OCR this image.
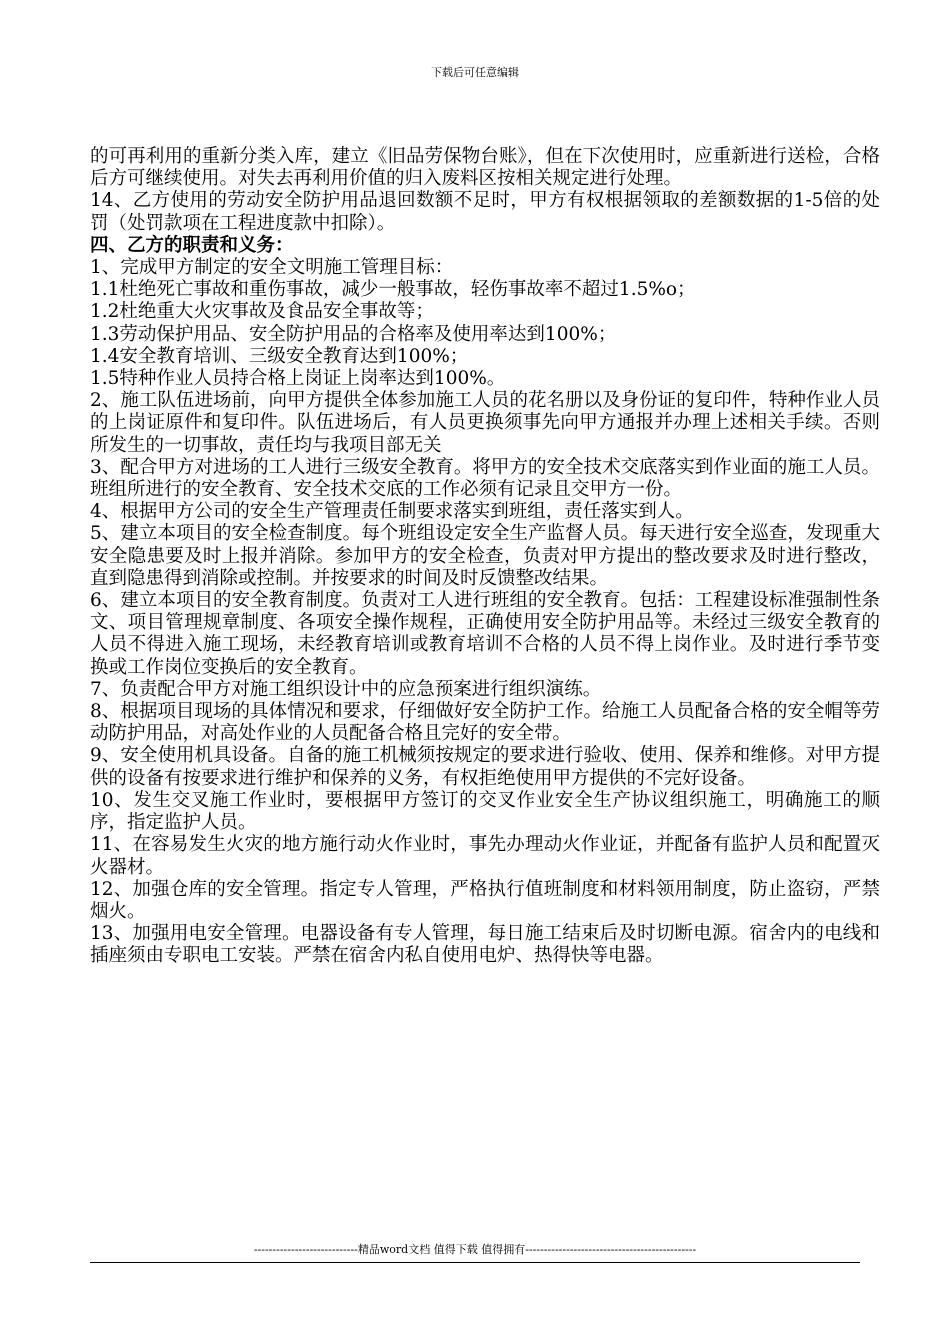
下载后可任意编辑

的可再利用的重新分类入库，建立《旧品劳保物台账》，但在下次使用时，应重新进行送检，合格后方可继续使用。对失去再利用价值的归入废料区按相关规定进行处理。

14、乙方使用的劳动安全防护用品退回数额不足时，甲方有权根据领取的差额数据的1-5倍的处罚（处罚款项在工程进度款中扣除）。

四、乙方的职责和义务：

1、完成甲方制定的安全文明施工管理目标：

1.1杜绝死亡事故和重伤事故，减少一般事故，轻伤事故率不超过1.5%o；

1.2杜绝重大火灾事故及食品安全事故等；

1.3劳动保护用品、安全防护用品的合格率及使用率达到100%；

1.4安全教育培训、三级安全教育达到100%；

1.5特种作业人员持合格上岗证上岗率达到100%。

2、施工队伍进场前，向甲方提供全体参加施工人员的花名册以及身份证的复印件，特种作业人员的上岗证原件和复印件。队伍进场后，有人员更换须事先向甲方通报并办理上述相关手续。否则所发生的一切事故，责任均与我项目部无关

3、配合甲方对进场的工人进行三级安全教育。将甲方的安全技术交底落实到作业面的施工人员。班组所进行的安全教育、安全技术交底的工作必须有记录且交甲方一份。

4、根据甲方公司的安全生产管理责任制要求落实到班组，责任落实到人。

5、建立本项目的安全检查制度。每个班组设定安全生产监督人员。每天进行安全巡查，发现重大安全隐患要及时上报并消除。参加甲方的安全检查，负责对甲方提出的整改要求及时进行整改，直到隐患得到消除或控制。并按要求的时间及时反馈整改结果。

6、建立本项目的安全教育制度。负责对工人进行班组的安全教育。包括：工程建设标准强制性条文、项目管理规章制度、各项安全操作规程，正确使用安全防护用品等。未经过三级安全教育的人员不得进入施工现场，未经教育培训或教育培训不合格的人员不得上岗作业。及时进行季节变换或工作岗位变换后的安全教育。

7、负责配合甲方对施工组织设计中的应急预案进行组织演练。

8、根据项目现场的具体情况和要求，仔细做好安全防护工作。给施工人员配备合格的安全帽等劳动防护用品，对高处作业的人员配备合格且完好的安全带。

9、安全使用机具设备。自备的施工机械须按规定的要求进行验收、使用、保养和维修。对甲方提供的设备有按要求进行维护和保养的义务，有权拒绝使用甲方提供的不完好设备。

10、发生交叉施工作业时，要根据甲方签订的交叉作业安全生产协议组织施工，明确施工的顺序，指定监护人员。

11、在容易发生火灾的地方施行动火作业时，事先办理动火作业证，并配备有监护人员和配置灭火器材。

12、加强仓库的安全管理。指定专人管理，严格执行值班制度和材料领用制度，防止盗窃，严禁烟火。

13、加强用电安全管理。电器设备有专人管理，每日施工结束后及时切断电源。宿舍内的电线和插座须由专职电工安装。严禁在宿舍内私自使用电炉、热得快等电器。

----------------------------精品word文档 值得下载 值得拥有----------------------------------------------
